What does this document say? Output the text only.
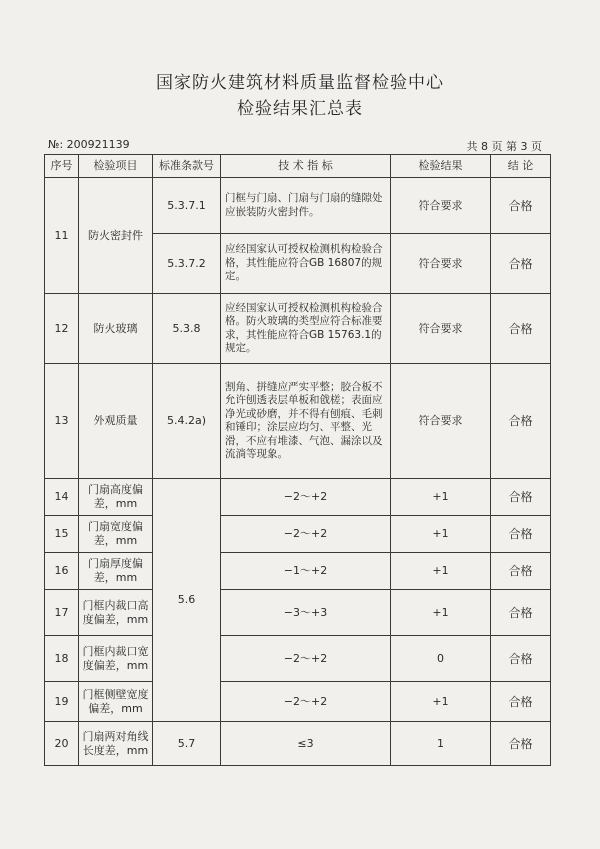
国家防火建筑材料质量监督检验中心
检验结果汇总表
№: 200921139	共 8 页 第 3 页
序号	检验项目	标准条款号	技 术 指 标	检验结果	结 论
11	防火密封件	5.3.7.1	门框与门扇、门扇与门扇的缝隙处应嵌装防火密封件。	符合要求	合格
		5.3.7.2	应经国家认可授权检测机构检验合格，其性能应符合GB 16807的规定。	符合要求	合格
12	防火玻璃	5.3.8	应经国家认可授权检测机构检验合格。防火玻璃的类型应符合标准要求，其性能应符合GB 15763.1的规定。	符合要求	合格
13	外观质量	5.4.2a)	割角、拼缝应严实平整；胶合板不允许刨透表层单板和戗槎；表面应净光或砂磨，并不得有刨痕、毛刺和锤印；涂层应均匀、平整、光滑，不应有堆漆、气泡、漏涂以及流淌等现象。	符合要求	合格
14	门扇高度偏差，mm	5.6	−2～+2	+1	合格
15	门扇宽度偏差，mm		−2～+2	+1	合格
16	门扇厚度偏差，mm		−1～+2	+1	合格
17	门框内裁口高度偏差，mm		−3～+3	+1	合格
18	门框内裁口宽度偏差，mm		−2～+2	0	合格
19	门框侧壁宽度偏差，mm		−2～+2	+1	合格
20	门扇两对角线长度差，mm	5.7	≤3	1	合格
